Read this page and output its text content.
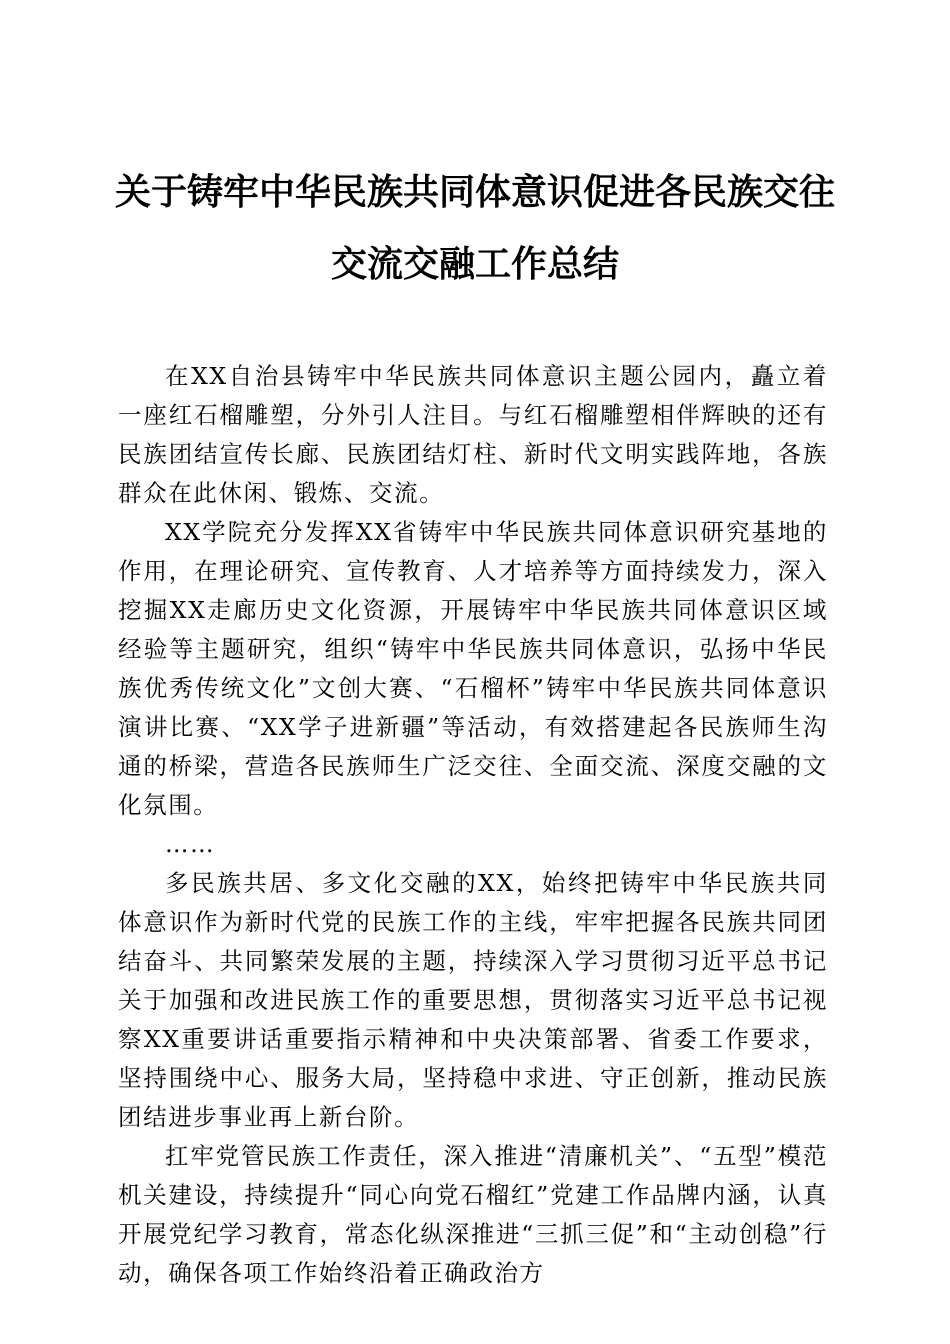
关于铸牢中华民族共同体意识促进各民族交往
交流交融工作总结

在XX自治县铸牢中华民族共同体意识主题公园内，矗立着一座红石榴雕塑，分外引人注目。与红石榴雕塑相伴辉映的还有民族团结宣传长廊、民族团结灯柱、新时代文明实践阵地，各族群众在此休闲、锻炼、交流。

XX学院充分发挥XX省铸牢中华民族共同体意识研究基地的作用，在理论研究、宣传教育、人才培养等方面持续发力，深入挖掘XX走廊历史文化资源，开展铸牢中华民族共同体意识区域经验等主题研究，组织“铸牢中华民族共同体意识，弘扬中华民族优秀传统文化”文创大赛、“石榴杯”铸牢中华民族共同体意识演讲比赛、“XX学子进新疆”等活动，有效搭建起各民族师生沟通的桥梁，营造各民族师生广泛交往、全面交流、深度交融的文化氛围。

……

多民族共居、多文化交融的XX，始终把铸牢中华民族共同体意识作为新时代党的民族工作的主线，牢牢把握各民族共同团结奋斗、共同繁荣发展的主题，持续深入学习贯彻习近平总书记关于加强和改进民族工作的重要思想，贯彻落实习近平总书记视察XX重要讲话重要指示精神和中央决策部署、省委工作要求，坚持围绕中心、服务大局，坚持稳中求进、守正创新，推动民族团结进步事业再上新台阶。

扛牢党管民族工作责任，深入推进“清廉机关”、“五型”模范机关建设，持续提升“同心向党石榴红”党建工作品牌内涵，认真开展党纪学习教育，常态化纵深推进“三抓三促”和“主动创稳”行动，确保各项工作始终沿着正确政治方
